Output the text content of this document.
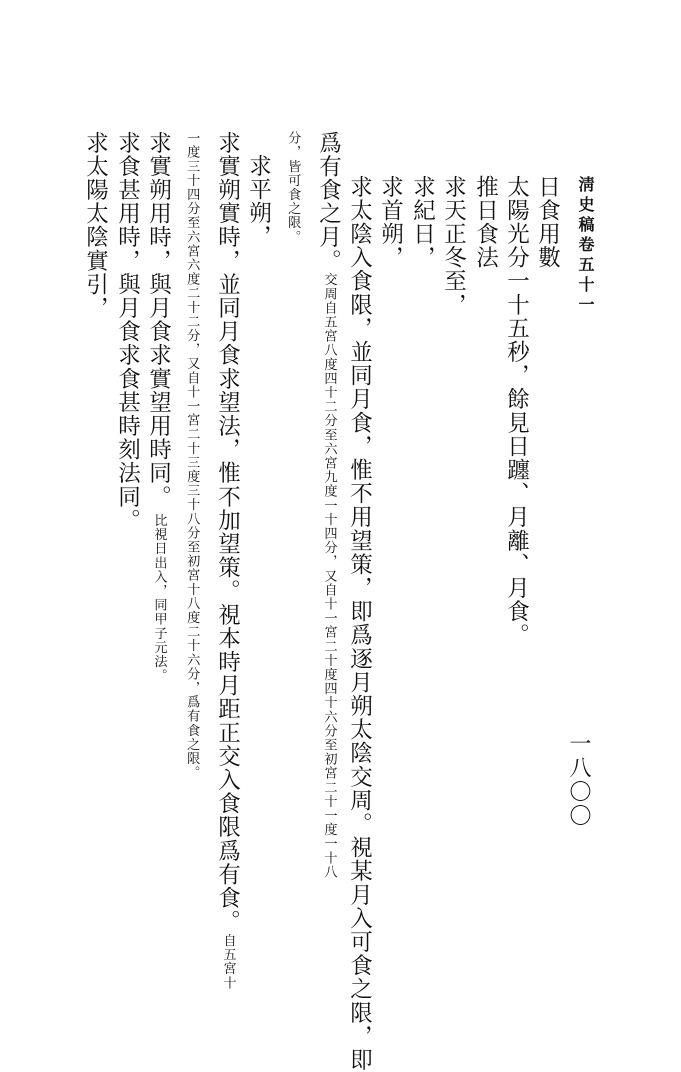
淸史稿卷五十一
一八〇〇
日食用數
太陽光分一十五秒，餘見日躔、月離、月食。
推日食法
求天正冬至，
求紀日，
求首朔，
求太陰入食限，並同月食，惟不用望策，即爲逐月朔太陰交周。視某月入可食之限，即
爲有食之月。交周自五宮八度四十二分至六宮九度一十四分，又自十一宮二十度四十六分至初宮二十一度一十八
分，皆可食之限。
求平朔，
求實朔實時，並同月食求望法，惟不加望策。視本時月距正交入食限爲有食。自五宮十
一度三十四分至六宮六度二十二分，又自十一宮二十三度三十八分至初宮十八度二十六分，爲有食之限。
求實朔用時，與月食求實望用時同。　比視日出入，同甲子元法。
求食甚用時，與月食求食甚時刻法同。
求太陽太陰實引，
